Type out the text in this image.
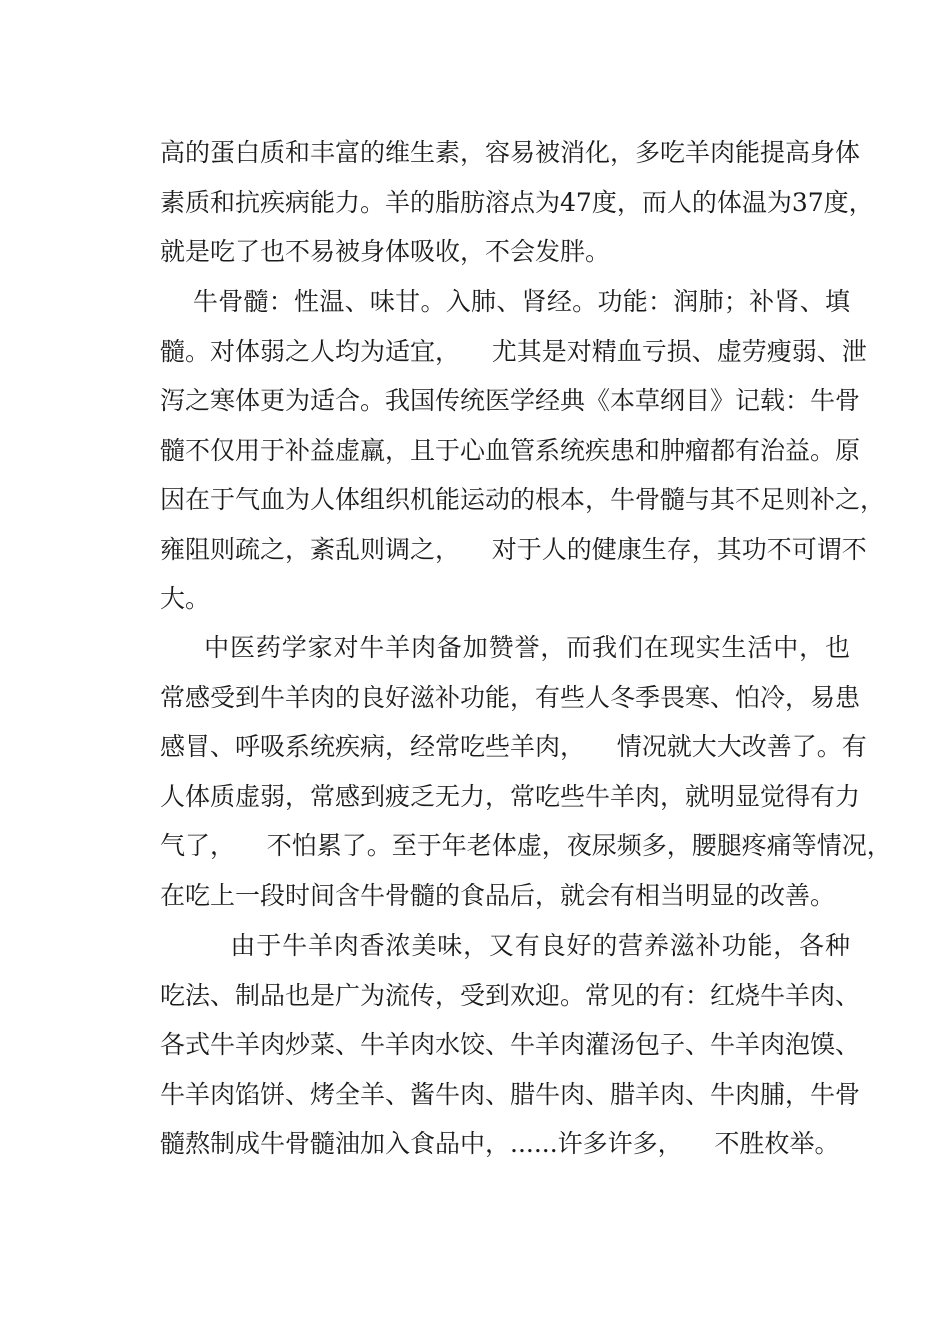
高的蛋白质和丰富的维生素，容易被消化，多吃羊肉能提高身体
素质和抗疾病能力。羊的脂肪溶点为47度，而人的体温为37度，
就是吃了也不易被身体吸收，不会发胖。
牛骨髓：性温、味甘。入肺、肾经。功能：润肺；补肾、填
髓。对体弱之人均为适宜，    尤其是对精血亏损、虚劳瘦弱、泄
泻之寒体更为适合。我国传统医学经典《本草纲目》记载：牛骨
髓不仅用于补益虚羸，且于心血管系统疾患和肿瘤都有治益。原
因在于气血为人体组织机能运动的根本，牛骨髓与其不足则补之，
雍阻则疏之，紊乱则调之，    对于人的健康生存，其功不可谓不
大。
中医药学家对牛羊肉备加赞誉，而我们在现实生活中，也
常感受到牛羊肉的良好滋补功能，有些人冬季畏寒、怕冷，易患
感冒、呼吸系统疾病，经常吃些羊肉，    情况就大大改善了。有
人体质虚弱，常感到疲乏无力，常吃些牛羊肉，就明显觉得有力
气了，    不怕累了。至于年老体虚，夜尿频多，腰腿疼痛等情况，
在吃上一段时间含牛骨髓的食品后，就会有相当明显的改善。
由于牛羊肉香浓美味，又有良好的营养滋补功能，各种
吃法、制品也是广为流传，受到欢迎。常见的有：红烧牛羊肉、
各式牛羊肉炒菜、牛羊肉水饺、牛羊肉灌汤包子、牛羊肉泡馍、
牛羊肉馅饼、烤全羊、酱牛肉、腊牛肉、腊羊肉、牛肉脯，牛骨
髓熬制成牛骨髓油加入食品中，......许多许多，    不胜枚举。
